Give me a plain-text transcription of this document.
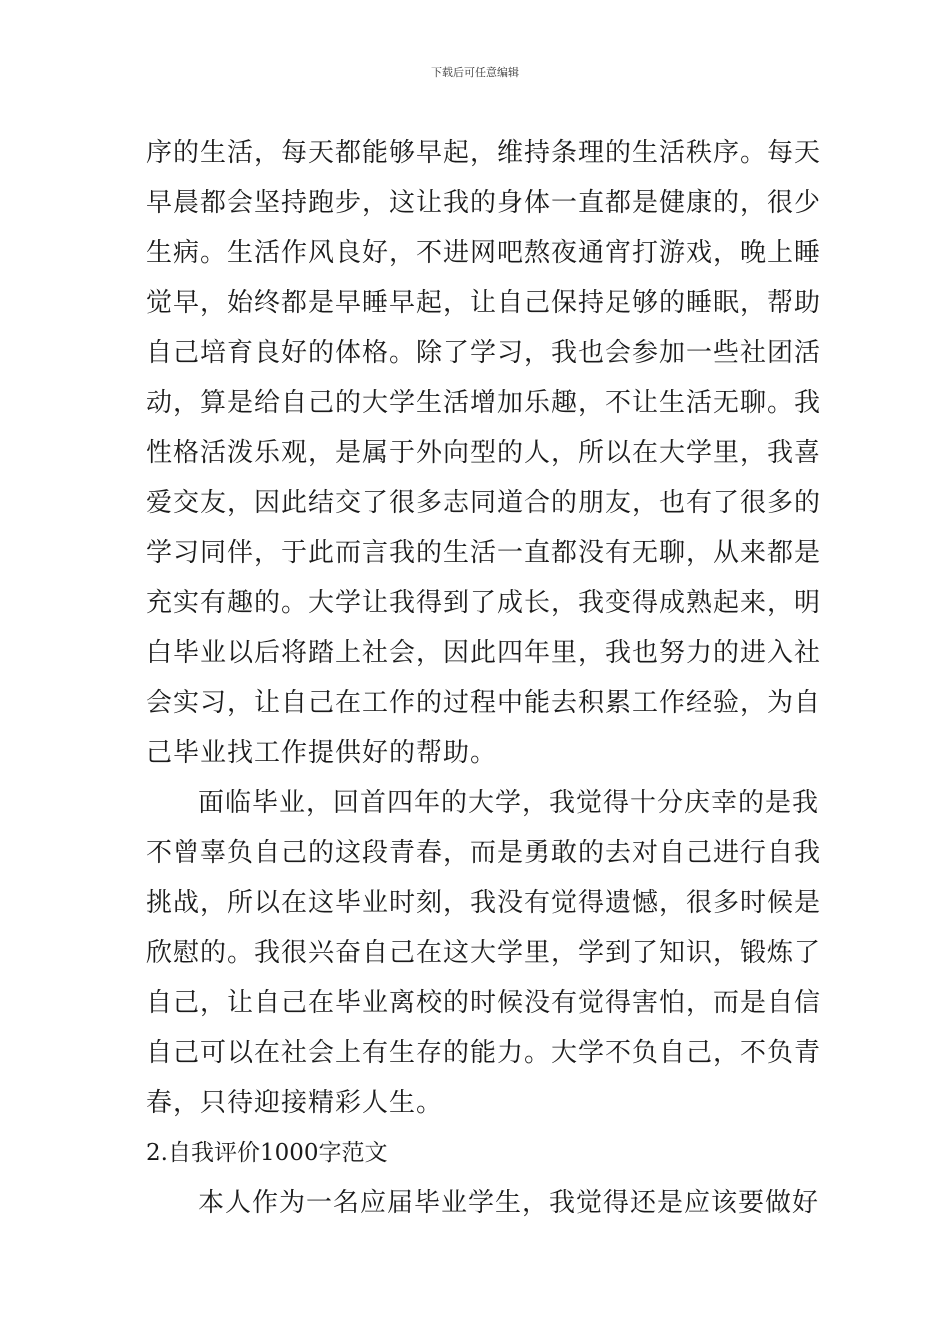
下载后可任意编辑
序的生活，每天都能够早起，维持条理的生活秩序。每天
早晨都会坚持跑步，这让我的身体一直都是健康的，很少
生病。生活作风良好，不进网吧熬夜通宵打游戏，晚上睡
觉早，始终都是早睡早起，让自己保持足够的睡眠，帮助
自己培育良好的体格。除了学习，我也会参加一些社团活
动，算是给自己的大学生活增加乐趣，不让生活无聊。我
性格活泼乐观，是属于外向型的人，所以在大学里，我喜
爱交友，因此结交了很多志同道合的朋友，也有了很多的
学习同伴，于此而言我的生活一直都没有无聊，从来都是
充实有趣的。大学让我得到了成长，我变得成熟起来，明
白毕业以后将踏上社会，因此四年里，我也努力的进入社
会实习，让自己在工作的过程中能去积累工作经验，为自
己毕业找工作提供好的帮助。
面临毕业，回首四年的大学，我觉得十分庆幸的是我
不曾辜负自己的这段青春，而是勇敢的去对自己进行自我
挑战，所以在这毕业时刻，我没有觉得遗憾，很多时候是
欣慰的。我很兴奋自己在这大学里，学到了知识，锻炼了
自己，让自己在毕业离校的时候没有觉得害怕，而是自信
自己可以在社会上有生存的能力。大学不负自己，不负青
春，只待迎接精彩人生。
2.自我评价1000字范文
本人作为一名应届毕业学生，我觉得还是应该要做好
